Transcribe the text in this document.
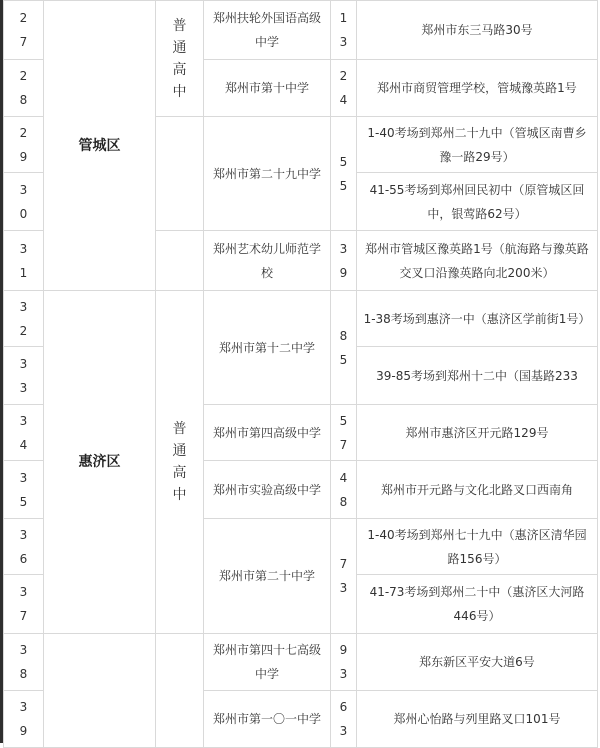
27	管城区	普通高中	郑州扶轮外国语高级中学	13	郑州市东三马路30号

28			郑州市第十中学	24	郑州市商贸管理学校，管城豫英路1号

29			郑州市第二十九中学	55	1-40考场到郑州二十九中（管城区南曹乡豫一路29号）

30					41-55考场到郑州回民初中（原管城区回中，银莺路62号）

31			郑州艺术幼儿师范学校	39	郑州市管城区豫英路1号（航海路与豫英路交叉口沿豫英路向北200米）

32	惠济区	普通高中	郑州市第十二中学	85	1-38考场到惠济一中（惠济区学前街1号）

33					39-85考场到郑州十二中（国基路233

34			郑州市第四高级中学	57	郑州市惠济区开元路129号

35			郑州市实验高级中学	48	郑州市开元路与文化北路叉口西南角

36			郑州市第二十中学	73	1-40考场到郑州七十九中（惠济区清华园路156号）

37					41-73考场到郑州二十中（惠济区大河路446号）

38			郑州市第四十七高级中学	93	郑东新区平安大道6号

39			郑州市第一〇一中学	63	郑州心怡路与列里路叉口101号
